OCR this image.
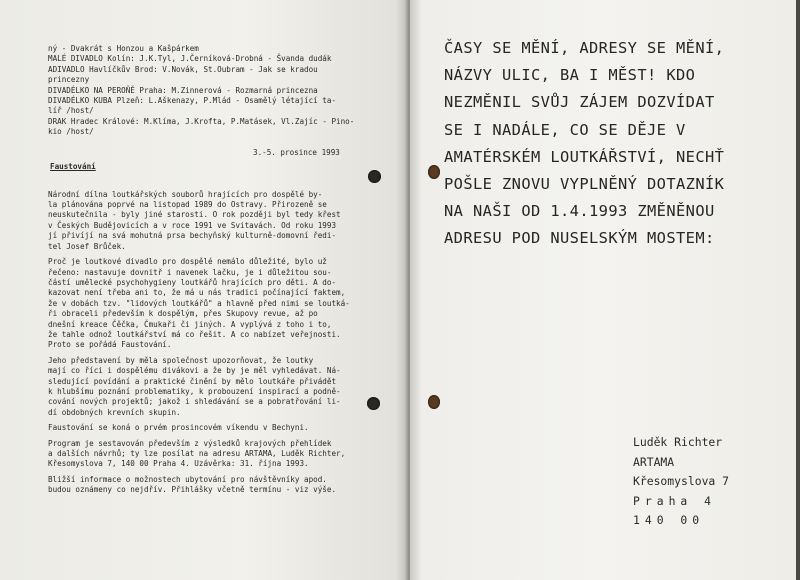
ný - Dvakrát s Honzou a Kašpárkem
MALÉ DIVADLO Kolín: J.K.Tyl, J.Černíková-Drobná - Švanda dudák
ADIVADLO Havlíčkův Brod: V.Novák, St.Oubram - Jak se kradou
princezny
DIVADÉLKO NA PEROŇĚ Praha: M.Zinnerová - Rozmarná princezna
DIVADÉLKO KUBA Plzeň: L.Aškenazy, P.Mlád - Osamělý létající ta-
líř /host/
DRAK Hradec Králové: M.Klíma, J.Kroftа, P.Matásek, Vl.Zajíc - Pino-
kio /host/
3.-5. prosince 1993
Faustování
Národní dílna loutkářských souborů hrajících pro dospělé by-
la plánována poprvé na listopad 1989 do Ostravy. Přirozeně se
neuskutečnila - byly jiné starosti. O rok později byl tedy křest
v Českých Budějovicích a v roce 1991 ve Svitavách. Od roku 1993
jí přivíjí na svá mohutná prsa bechyňský kulturně-domovní ředi-
tel Josef Brůček.
Proč je loutkové divadlo pro dospělé nemálo důležité, bylo už
řečeno: nastavuje dovnitř i navenek lačku, je i důležitou sou-
částí umělecké psychohygieny loutkářů hrajících pro děti. A do-
kazovat není třeba ani to, že má u nás tradici počínající faktem,
že v dobách tzv. "lidových loutkářů" a hlavně před nimi se loutká-
ři obraceli především k dospělým, přes Skupovy revue, až po
dnešní kreace Čěčka, Čmukaři či jiných. A vyplývá z toho i to,
že tahle odnož loutkářství má co řešit. A co nabízet veřejnosti.
Proto se pořádá Faustování.
Jeho představení by měla společnost upozorňovat, že loutky
mají co říci i dospělému divákovi a že by je měl vyhledávat. Ná-
sledující povídání a praktické činění by mělo loutkáře přivádět
k hlubšímu poznání problematiky, k probouzení inspirací a podně-
cování nových projektů; jakož i shledávání se a pobratřování li-
dí obdobných krevních skupin.
Faustování se koná o prvém prosincovém víkendu v Bechyni.
Program je sestavován především z výsledků krajových přehlídek
a dalších návrhů; ty lze posílat na adresu ARTAMA, Luděk Richter,
Křesomyslova 7, 140 00 Praha 4. Uzávěrka: 31. října 1993.
Bližší informace o možnostech ubytování pro návštěvníky apod.
budou oznámeny co nejdřív. Přihlášky včetně termínu - viz výše.
ČASY SE MĚNÍ, ADRESY SE MĚNÍ,
NÁZVY ULIC, BA I MĚST! KDO
NEZMĚNIL SVŮJ ZÁJEM DOZVÍDAT
SE I NADÁLE, CO SE DĚJE V
AMATÉRSKÉM LOUTKÁŘSTVÍ, NECHŤ
POŠLE ZNOVU VYPLNĚNÝ DOTAZNÍK
NA NAŠI OD 1.4.1993 ZMĚNĚNOU
ADRESU POD NUSELSKÝM MOSTEM:
Luděk Richter
ARTAMA
Křesomyslova 7
Praha 4
140 00
